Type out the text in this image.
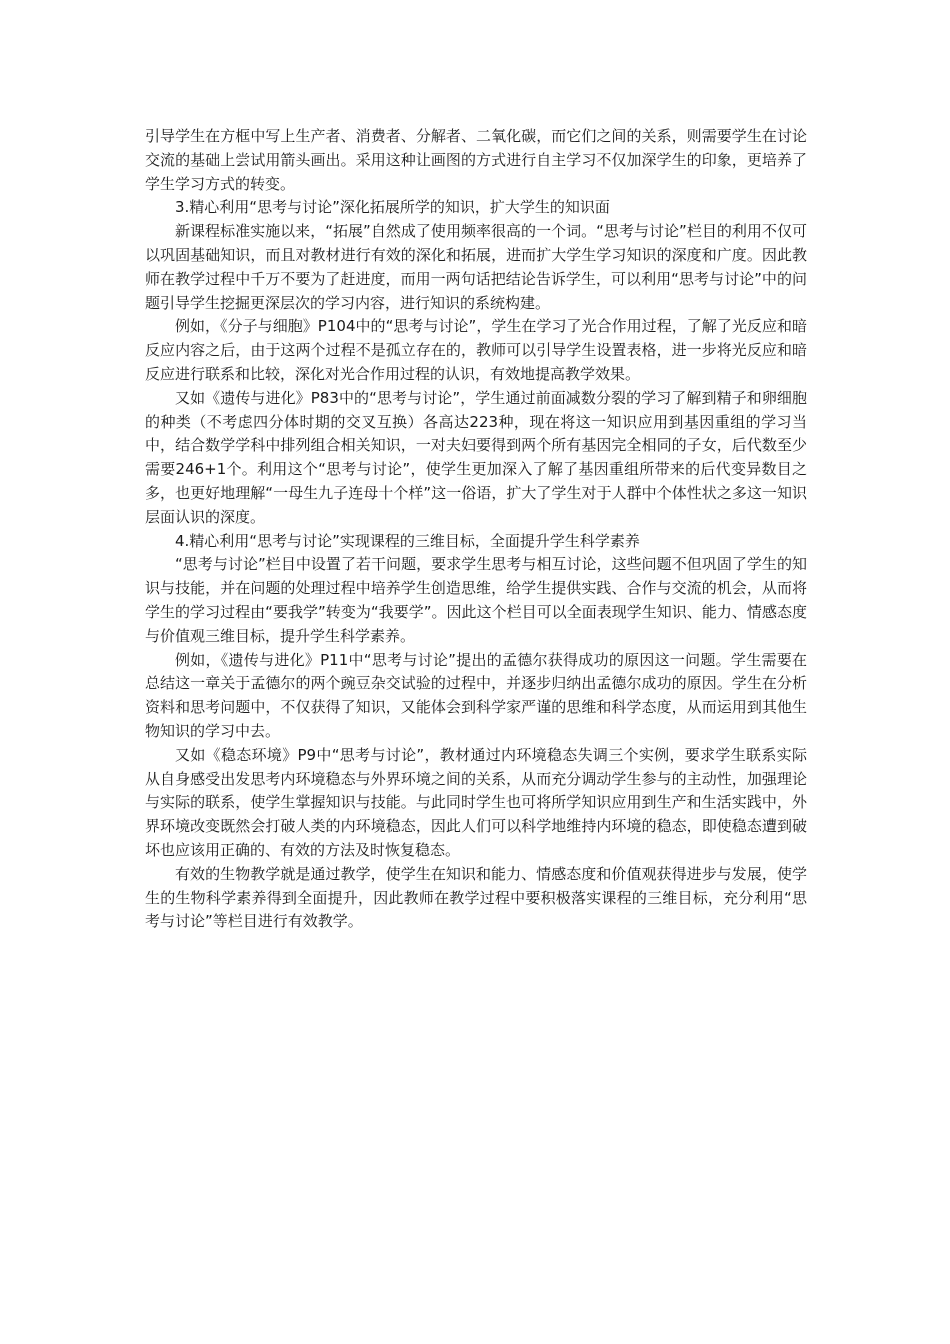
引导学生在方框中写上生产者、消费者、分解者、二氧化碳，而它们之间的关系，则需要学生在讨论交流的基础上尝试用箭头画出。采用这种让画图的方式进行自主学习不仅加深学生的印象，更培养了学生学习方式的转变。

3.精心利用“思考与讨论”深化拓展所学的知识，扩大学生的知识面

新课程标准实施以来，“拓展”自然成了使用频率很高的一个词。“思考与讨论”栏目的利用不仅可以巩固基础知识，而且对教材进行有效的深化和拓展，进而扩大学生学习知识的深度和广度。因此教师在教学过程中千万不要为了赶进度，而用一两句话把结论告诉学生，可以利用“思考与讨论”中的问题引导学生挖掘更深层次的学习内容，进行知识的系统构建。

例如，《分子与细胞》P104中的“思考与讨论”，学生在学习了光合作用过程，了解了光反应和暗反应内容之后，由于这两个过程不是孤立存在的，教师可以引导学生设置表格，进一步将光反应和暗反应进行联系和比较，深化对光合作用过程的认识，有效地提高教学效果。

又如《遗传与进化》P83中的“思考与讨论”，学生通过前面减数分裂的学习了解到精子和卵细胞的种类（不考虑四分体时期的交叉互换）各高达223种，现在将这一知识应用到基因重组的学习当中，结合数学学科中排列组合相关知识，一对夫妇要得到两个所有基因完全相同的子女，后代数至少需要246+1个。利用这个“思考与讨论”，使学生更加深入了解了基因重组所带来的后代变异数目之多，也更好地理解“一母生九子连母十个样”这一俗语，扩大了学生对于人群中个体性状之多这一知识层面认识的深度。

4.精心利用“思考与讨论”实现课程的三维目标，全面提升学生科学素养

“思考与讨论”栏目中设置了若干问题，要求学生思考与相互讨论，这些问题不但巩固了学生的知识与技能，并在问题的处理过程中培养学生创造思维，给学生提供实践、合作与交流的机会，从而将学生的学习过程由“要我学”转变为“我要学”。因此这个栏目可以全面表现学生知识、能力、情感态度与价值观三维目标，提升学生科学素养。

例如，《遗传与进化》P11中“思考与讨论”提出的孟德尔获得成功的原因这一问题。学生需要在总结这一章关于孟德尔的两个豌豆杂交试验的过程中，并逐步归纳出孟德尔成功的原因。学生在分析资料和思考问题中，不仅获得了知识，又能体会到科学家严谨的思维和科学态度，从而运用到其他生物知识的学习中去。

又如《稳态环境》P9中“思考与讨论”，教材通过内环境稳态失调三个实例，要求学生联系实际从自身感受出发思考内环境稳态与外界环境之间的关系，从而充分调动学生参与的主动性，加强理论与实际的联系，使学生掌握知识与技能。与此同时学生也可将所学知识应用到生产和生活实践中，外界环境改变既然会打破人类的内环境稳态，因此人们可以科学地维持内环境的稳态，即使稳态遭到破坏也应该用正确的、有效的方法及时恢复稳态。

有效的生物教学就是通过教学，使学生在知识和能力、情感态度和价值观获得进步与发展，使学生的生物科学素养得到全面提升，因此教师在教学过程中要积极落实课程的三维目标，充分利用“思考与讨论”等栏目进行有效教学。
